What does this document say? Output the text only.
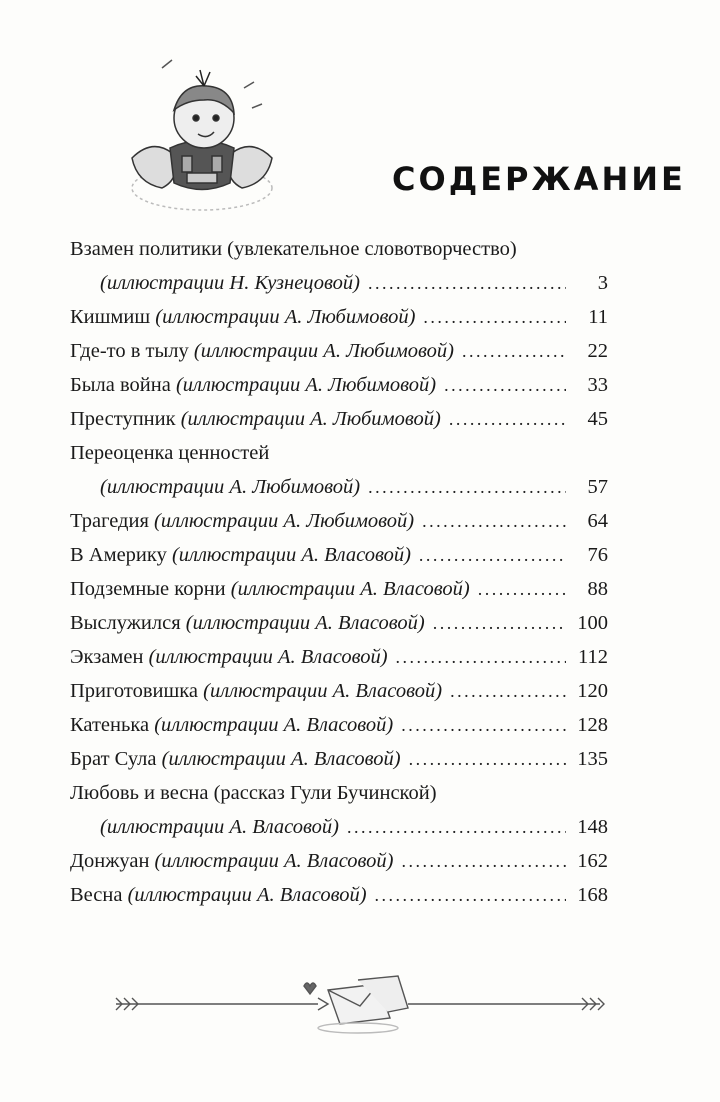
СОДЕРЖАНИЕ
Взамен политики (увлекательное словотворчество)
(иллюстрации Н. Кузнецовой) .....	3
Кишмиш (иллюстрации А. Любимовой) .....	11
Где-то в тылу (иллюстрации А. Любимовой) .....	22
Была война (иллюстрации А. Любимовой) .....	33
Преступник (иллюстрации А. Любимовой) .....	45
Переоценка ценностей
(иллюстрации А. Любимовой) .....	57
Трагедия (иллюстрации А. Любимовой) .....	64
В Америку (иллюстрации А. Власовой) .....	76
Подземные корни (иллюстрации А. Власовой) .....	88
Выслужился (иллюстрации А. Власовой) .....	100
Экзамен (иллюстрации А. Власовой) .....	112
Приготовишка (иллюстрации А. Власовой) .....	120
Катенька (иллюстрации А. Власовой) .....	128
Брат Сула (иллюстрации А. Власовой) .....	135
Любовь и весна (рассказ Гули Бучинской)
(иллюстрации А. Власовой) .....	148
Донжуан (иллюстрации А. Власовой) .....	162
Весна (иллюстрации А. Власовой) .....	168
